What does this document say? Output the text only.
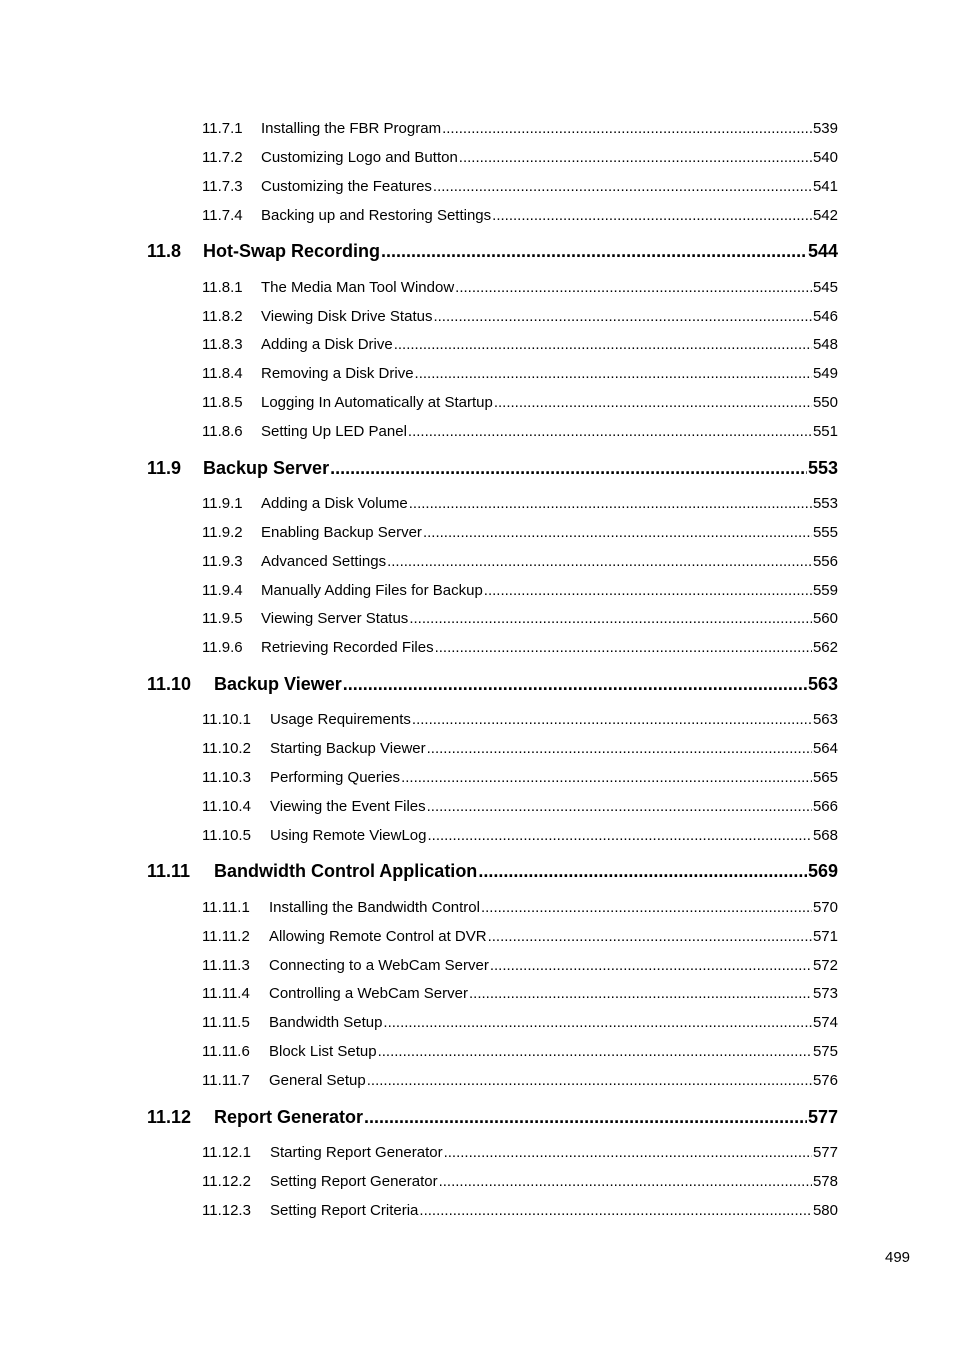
11.7.1	Installing the FBR Program .....	539
11.7.2	Customizing Logo and Button .....	540
11.7.3	Customizing the Features .....	541
11.7.4	Backing up and Restoring Settings .....	542
11.8	Hot-Swap Recording .....	544
11.8.1	The Media Man Tool Window .....	545
11.8.2	Viewing Disk Drive Status .....	546
11.8.3	Adding a Disk Drive .....	548
11.8.4	Removing a Disk Drive .....	549
11.8.5	Logging In Automatically at Startup .....	550
11.8.6	Setting Up LED Panel .....	551
11.9	Backup Server .....	553
11.9.1	Adding a Disk Volume .....	553
11.9.2	Enabling Backup Server .....	555
11.9.3	Advanced Settings .....	556
11.9.4	Manually Adding Files for Backup .....	559
11.9.5	Viewing Server Status .....	560
11.9.6	Retrieving Recorded Files .....	562
11.10	Backup Viewer .....	563
11.10.1	Usage Requirements .....	563
11.10.2	Starting Backup Viewer .....	564
11.10.3	Performing Queries .....	565
11.10.4	Viewing the Event Files .....	566
11.10.5	Using Remote ViewLog .....	568
11.11	Bandwidth Control Application .....	569
11.11.1	Installing the Bandwidth Control .....	570
11.11.2	Allowing Remote Control at DVR .....	571
11.11.3	Connecting to a WebCam Server .....	572
11.11.4	Controlling a WebCam Server .....	573
11.11.5	Bandwidth Setup .....	574
11.11.6	Block List Setup .....	575
11.11.7	General Setup .....	576
11.12	Report Generator .....	577
11.12.1	Starting Report Generator .....	577
11.12.2	Setting Report Generator .....	578
11.12.3	Setting Report Criteria .....	580
499
